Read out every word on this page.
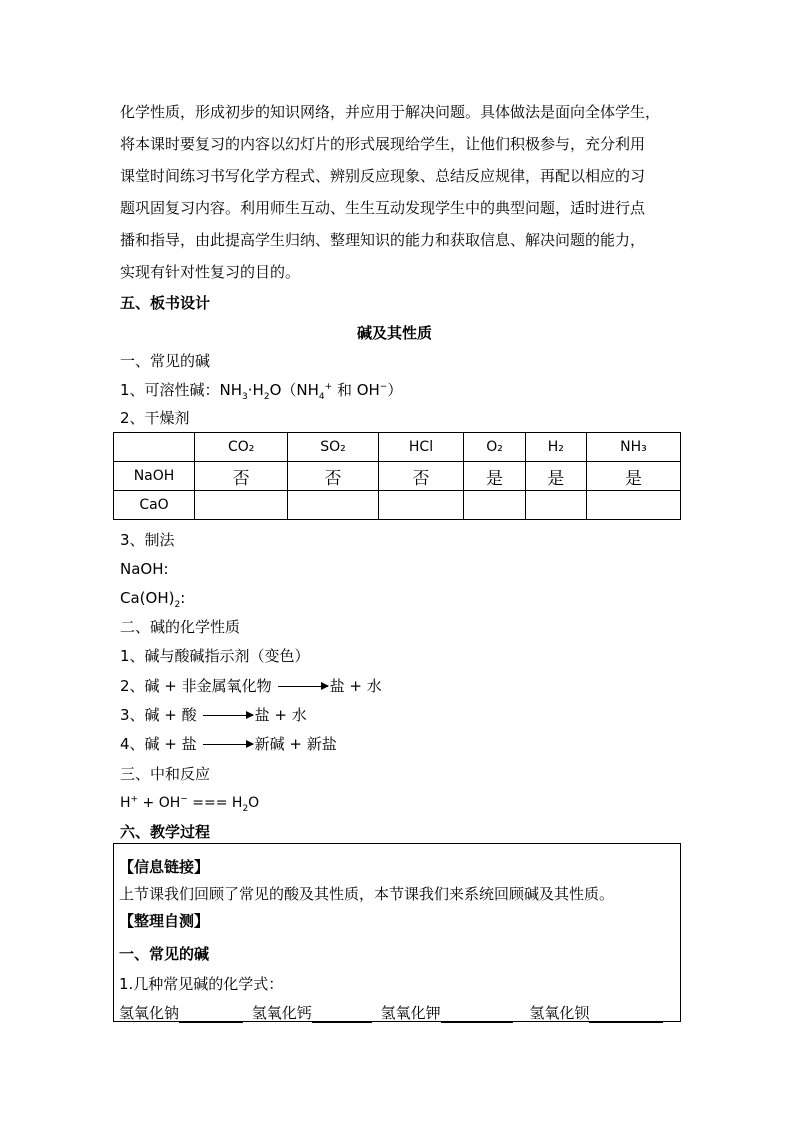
化学性质，形成初步的知识网络，并应用于解决问题。具体做法是面向全体学生，
将本课时要复习的内容以幻灯片的形式展现给学生，让他们积极参与，充分利用
课堂时间练习书写化学方程式、辨别反应现象、总结反应规律，再配以相应的习
题巩固复习内容。利用师生互动、生生互动发现学生中的典型问题，适时进行点
播和指导，由此提高学生归纳、整理知识的能力和获取信息、解决问题的能力，
实现有针对性复习的目的。
五、板书设计
碱及其性质
一、常见的碱
1、可溶性碱：$NH_3\cdot H_2O(NH_4^+$ 和 OH−）
2、干燥剂
	CO₂	SO₂	HCl	O₂	H₂	NH₃
NaOH	否	否	否	是	是	是
CaO						
3、制法
NaOH:
$Ca(OH)_2$:
二、碱的化学性质
1、碱与酸碱指示剂（变色）
2、碱 + 非金属氧化物	盐 + 水
3、碱 + 酸	盐 + 水
4、碱 + 盐	新碱 + 新盐
三、中和反应
H+ + OH− === $H_2O$
六、教学过程
【信息链接】
上节课我们回顾了常见的酸及其性质，本节课我们来系统回顾碱及其性质。
【整理自测】
一、常见的碱
1.几种常见碱的化学式：
氢氧化钠	氢氧化钙	氢氧化钾	氢氧化钡
